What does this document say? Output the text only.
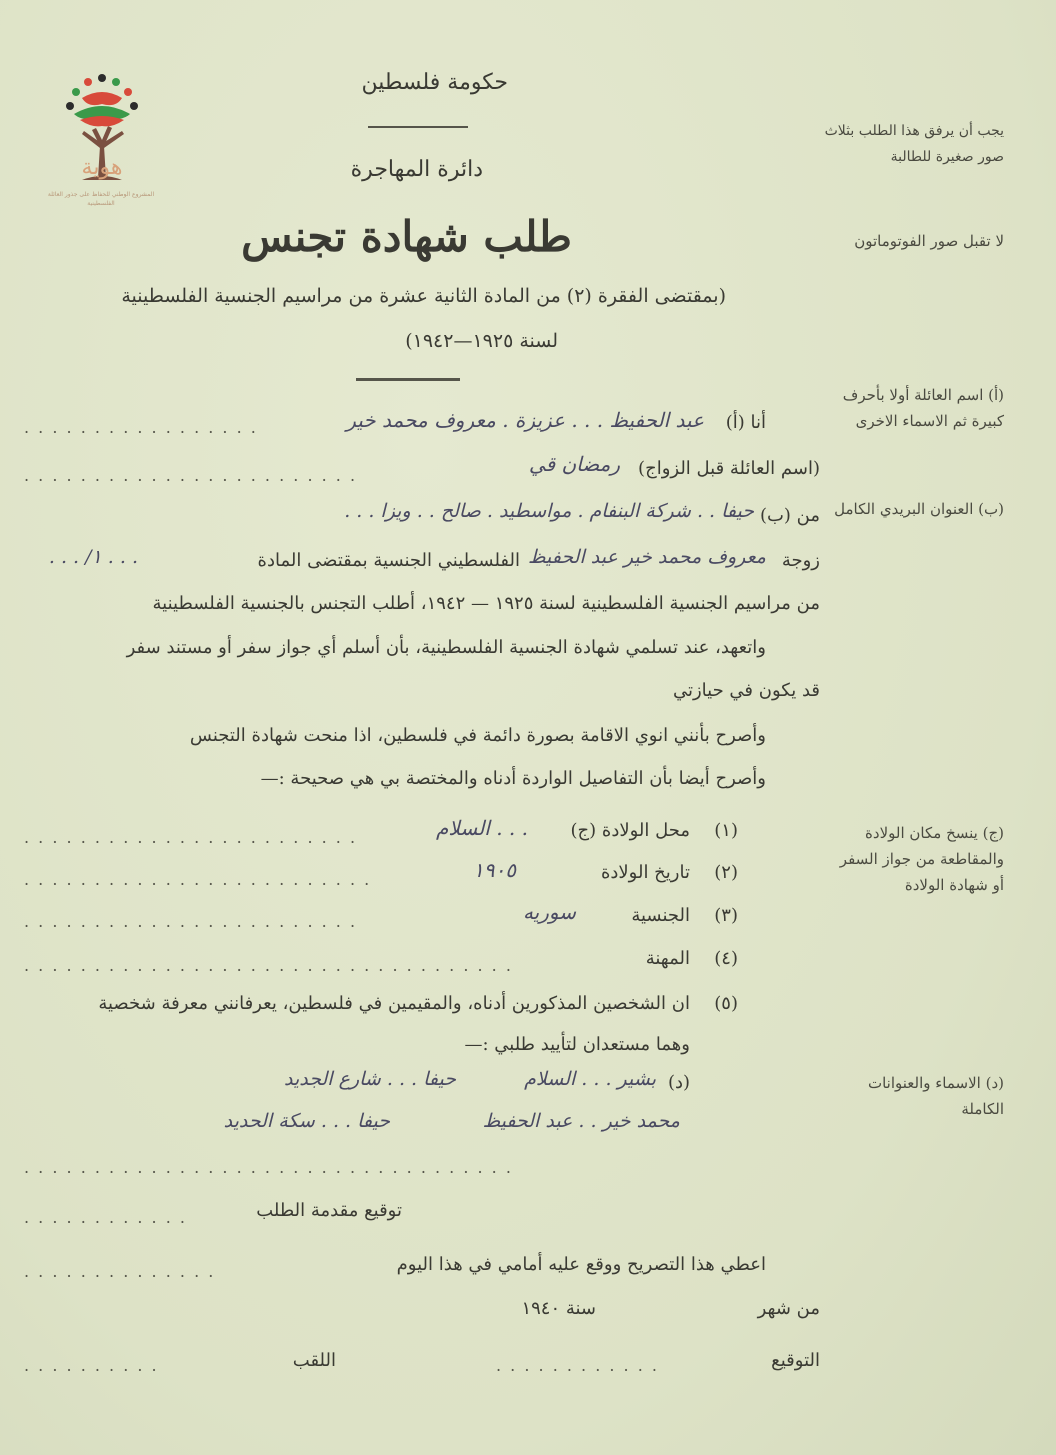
هوية
المشروع الوطني للحفاظ على جذور العائلة الفلسطينية
حكومة فلسطين
دائرة المهاجرة
طلب شهادة تجنس
(بمقتضى الفقرة (٢) من المادة الثانية عشرة من مراسيم الجنسية الفلسطينية
لسنة ١٩٢٥—١٩٤٢)
يجب أن يرفق هذا الطلب بثلاث صور صغيرة للطالبة
لا تقبل صور الفوتوماتون
(أ) اسم العائلة أولا بأحرف كبيرة ثم الاسماء الاخرى
(ب) العنوان البريدي الكامل
(ج) ينسخ مكان الولادة والمقاطعة من جواز السفر أو شهادة الولادة
(د) الاسماء والعنوانات الكاملة
أنا (أ)
عبد الحفيظ . . . عزيزة . معروف محمد خير
. . . . . . . . . . . . . . . . .
(اسم العائلة قبل الزواج)
رمضان قي
. . . . . . . . . . . . . . . . . . . . . . . .
من (ب)
حيفا . . شركة البنفام . مواسطيد . صالح . . ويزا . . .
زوجة
معروف محمد خير عبد الحفيظ
الفلسطيني الجنسية بمقتضى المادة
. . . ١/ . . .
من مراسيم الجنسية الفلسطينية لسنة ١٩٢٥ — ١٩٤٢، أطلب التجنس بالجنسية الفلسطينية
واتعهد، عند تسلمي شهادة الجنسية الفلسطينية، بأن أسلم أي جواز سفر أو مستند سفر
قد يكون في حيازتي
وأصرح بأنني انوي الاقامة بصورة دائمة في فلسطين، اذا منحت شهادة التجنس
وأصرح أيضا بأن التفاصيل الواردة أدناه والمختصة بي هي صحيحة :—
(١)
محل الولادة (ج)
. . . السلام
. . . . . . . . . . . . . . . . . . . . . . . .
(٢)
تاريخ الولادة
١٩٠٥
. . . . . . . . . . . . . . . . . . . . . . . . .
(٣)
الجنسية
سوريه
. . . . . . . . . . . . . . . . . . . . . . . .
(٤)
المهنة
. . . . . . . . . . . . . . . . . . . . . . . . . . . . . . . . . . .
(٥)
ان الشخصين المذكورين أدناه، والمقيمين في فلسطين، يعرفانني معرفة شخصية
وهما مستعدان لتأييد طلبي :—
(د)
بشير . . . السلام
حيفا . . . شارع الجديد
محمد خير . . عبد الحفيظ
حيفا . . . سكة الحديد
. . . . . . . . . . . . . . . . . . . . . . . . . . . . . . . . . . .
توقيع مقدمة الطلب
. . . . . . . . . . . .
اعطي هذا التصريح ووقع عليه أمامي في هذا اليوم
. . . . . . . . . . . . . .
من شهر
سنة ١٩٤٠
التوقيع
. . . . . . . . . . . .
اللقب
. . . . . . . . . .
